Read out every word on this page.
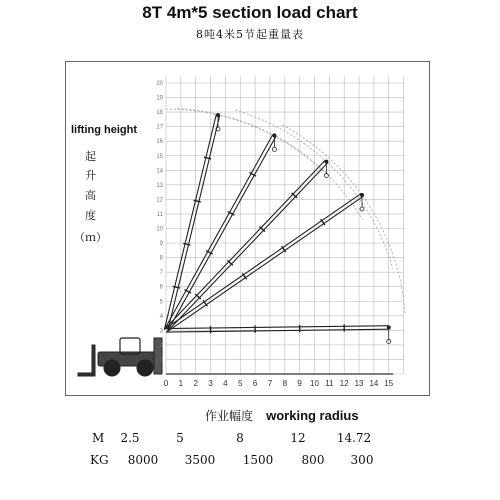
8T 4m*5 section load chart
8吨4米5节起重量表
lifting height
起
升
高
度
（ｍ）
0 1 2 3 4 5 6 7 8 9 10 11 12 13 14 15
1
2
3
4
5
6
7
8
9
10
11
12
13
14
15
16
17
18
19
20
作业幅度 working radius
M	2.5	5	8	12	14.72
KG	8000	3500	1500	800	300
